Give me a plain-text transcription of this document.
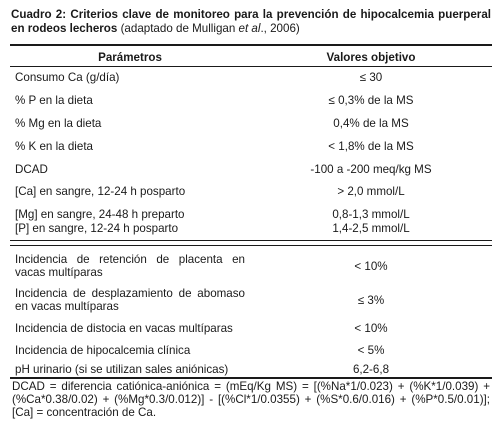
Cuadro 2: Criterios clave de monitoreo para la prevención de hipocalcemia puerperal en rodeos lecheros (adaptado de Mulligan et al., 2006)
Parámetros	Valores objetivo
Consumo Ca (g/día)	≤ 30
% P en la dieta	≤ 0,3% de la MS
% Mg en la dieta	0,4% de la MS
% K en la dieta	< 1,8% de la MS
DCAD	-100 a -200 meq/kg MS
[Ca] en sangre, 12-24 h posparto	> 2,0 mmol/L
[Mg] en sangre, 24-48 h preparto	0,8-1,3 mmol/L
[P] en sangre, 12-24 h posparto	1,4-2,5 mmol/L
Incidencia de retención de placenta en vacas multíparas	< 10%
Incidencia de desplazamiento de abomaso en vacas multíparas	≤ 3%
Incidencia de distocia en vacas multíparas	< 10%
Incidencia de hipocalcemia clínica	< 5%
pH urinario (si se utilizan sales aniónicas)	6,2-6,8
DCAD = diferencia catiónica-aniónica = (mEq/Kg MS) = [(%Na*1/0.023) + (%K*1/0.039) + (%Ca*0.38/0.02) + (%Mg*0.3/0.012)] - [(%Cl*1/0.0355) + (%S*0.6/0.016) + (%P*0.5/0.01)]; [Ca] = concentración de Ca.
